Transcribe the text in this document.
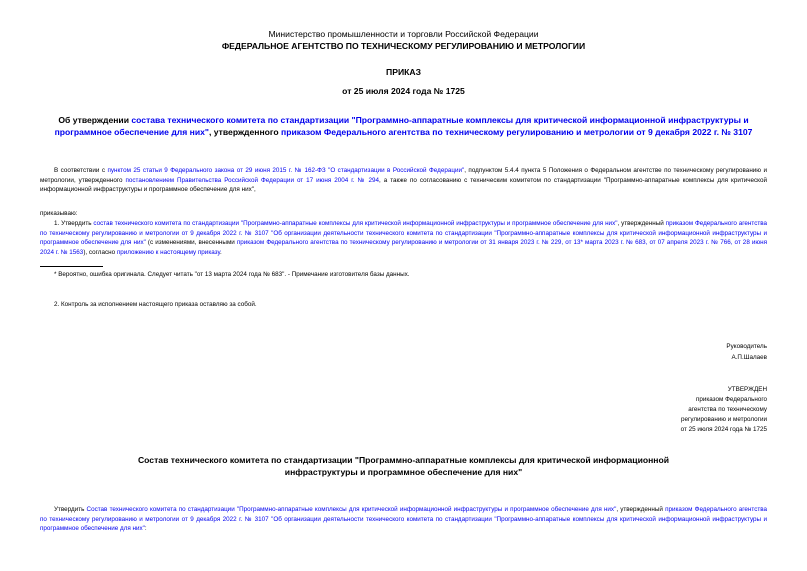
Министерство промышленности и торговли Российской Федерации
ФЕДЕРАЛЬНОЕ АГЕНТСТВО ПО ТЕХНИЧЕСКОМУ РЕГУЛИРОВАНИЮ И МЕТРОЛОГИИ
ПРИКАЗ
от 25 июля 2024 года № 1725
Об утверждении состава технического комитета по стандартизации "Программно-аппаратные комплексы для критической информационной инфраструктуры и программное обеспечение для них", утвержденного приказом Федерального агентства по техническому регулированию и метрологии от 9 декабря 2022 г. № 3107
В соответствии с пунктом 25 статьи 9 Федерального закона от 29 июня 2015 г. № 162-ФЗ "О стандартизации в Российской Федерации", подпунктом 5.4.4 пункта 5 Положения о Федеральном агентстве по техническому регулированию и метрологии, утвержденного постановлением Правительства Российской Федерации от 17 июня 2004 г. № 294, а также по согласованию с техническим комитетом по стандартизации "Программно-аппаратные комплексы для критической информационной инфраструктуры и программное обеспечение для них",
приказываю:
1. Утвердить состав технического комитета по стандартизации "Программно-аппаратные комплексы для критической информационной инфраструктуры и программное обеспечение для них", утвержденный приказом Федерального агентства по техническому регулированию и метрологии от 9 декабря 2022 г. № 3107 "Об организации деятельности технического комитета по стандартизации "Программно-аппаратные комплексы для критической информационной инфраструктуры и программное обеспечение для них" (с изменениями, внесенными приказом Федерального агентства по техническому регулированию и метрологии от 31 января 2023 г. № 229, от 13* марта 2023 г. № 683, от 07 апреля 2023 г. № 766, от 28 июня 2024 г. № 1563), согласно приложению к настоящему приказу.
* Вероятно, ошибка оригинала. Следует читать "от 13 марта 2024 года № 683". - Примечание изготовителя базы данных.
2. Контроль за исполнением настоящего приказа оставляю за собой.
Руководитель
А.П.Шалаев
УТВЕРЖДЕН
приказом Федерального
агентства по техническому
регулированию и метрологии
от 25 июля 2024 года № 1725
Состав технического комитета по стандартизации "Программно-аппаратные комплексы для критической информационной инфраструктуры и программное обеспечение для них"
Утвердить Состав технического комитета по стандартизации "Программно-аппаратные комплексы для критической информационной инфраструктуры и программное обеспечение для них", утвержденный приказом Федерального агентства по техническому регулированию и метрологии от 9 декабря 2022 г. № 3107 "Об организации деятельности технического комитета по стандартизации "Программно-аппаратные комплексы для критической информационной инфраструктуры и программное обеспечение для них":
